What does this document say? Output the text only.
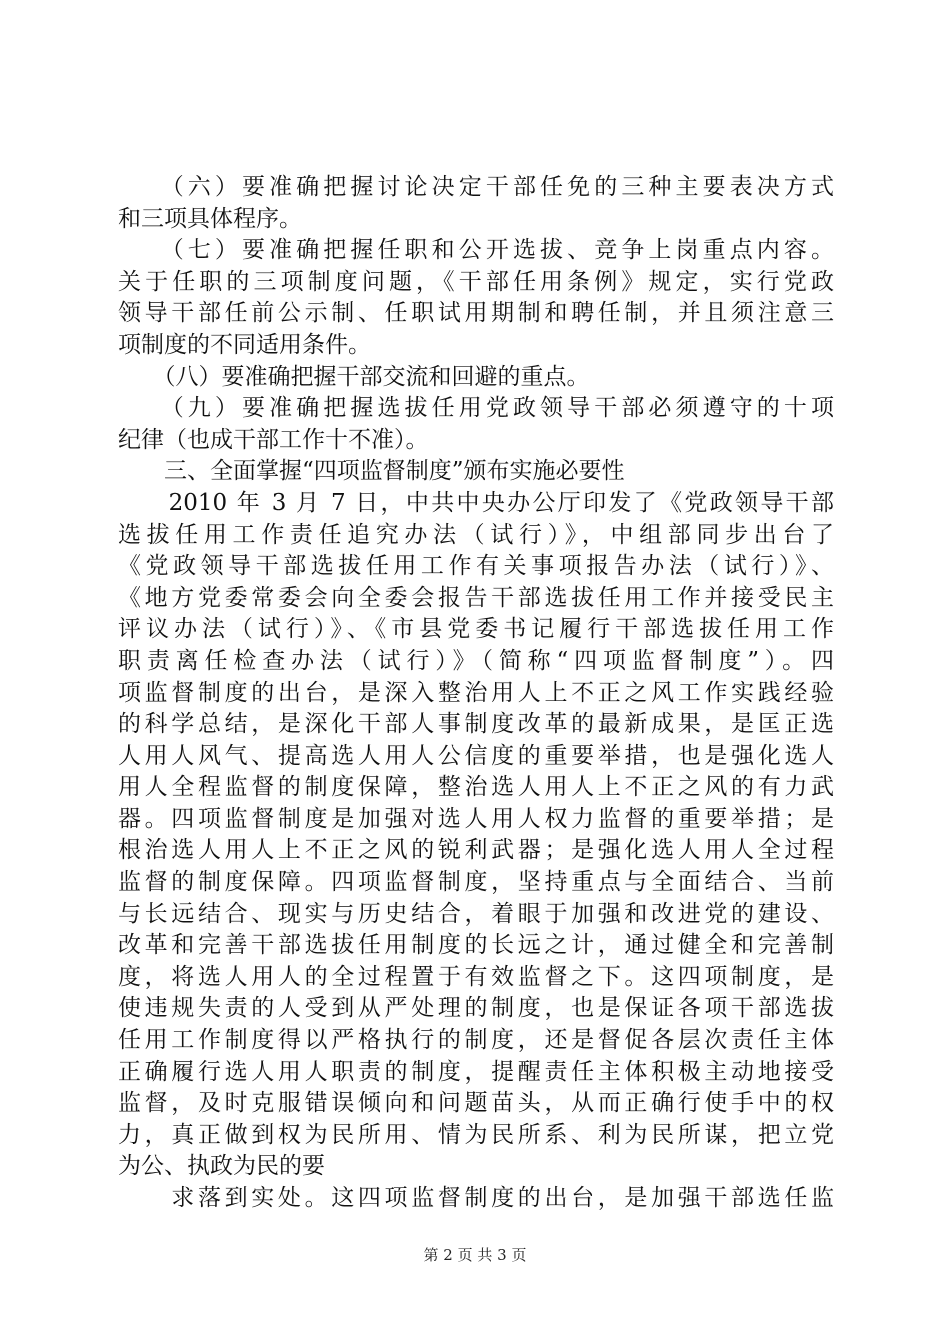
　　（六）要准确把握讨论决定干部任免的三种主要表决方式
和三项具体程序。
　　（七）要准确把握任职和公开选拔、竞争上岗重点内容。
关于任职的三项制度问题，《干部任用条例》规定，实行党政
领导干部任前公示制、任职试用期制和聘任制，并且须注意三
项制度的不同适用条件。
　　（八）要准确把握干部交流和回避的重点。
　　（九）要准确把握选拔任用党政领导干部必须遵守的十项
纪律（也成干部工作十不准）。
　　三、全面掌握“四项监督制度”颁布实施必要性
　　2010 年 3 月 7 日，中共中央办公厅印发了《党政领导干部
选拔任用工作责任追究办法（试行）》，中组部同步出台了
《党政领导干部选拔任用工作有关事项报告办法（试行）》、
《地方党委常委会向全委会报告干部选拔任用工作并接受民主
评议办法（试行）》、《市县党委书记履行干部选拔任用工作
职责离任检查办法（试行）》（简称“四项监督制度”）。四
项监督制度的出台，是深入整治用人上不正之风工作实践经验
的科学总结，是深化干部人事制度改革的最新成果，是匡正选
人用人风气、提高选人用人公信度的重要举措，也是强化选人
用人全程监督的制度保障，整治选人用人上不正之风的有力武
器。四项监督制度是加强对选人用人权力监督的重要举措；是
根治选人用人上不正之风的锐利武器；是强化选人用人全过程
监督的制度保障。四项监督制度，坚持重点与全面结合、当前
与长远结合、现实与历史结合，着眼于加强和改进党的建设、
改革和完善干部选拔任用制度的长远之计，通过健全和完善制
度，将选人用人的全过程置于有效监督之下。这四项制度，是
使违规失责的人受到从严处理的制度，也是保证各项干部选拔
任用工作制度得以严格执行的制度，还是督促各层次责任主体
正确履行选人用人职责的制度，提醒责任主体积极主动地接受
监督，及时克服错误倾向和问题苗头，从而正确行使手中的权
力，真正做到权为民所用、情为民所系、利为民所谋，把立党
为公、执政为民的要
　　求落到实处。这四项监督制度的出台，是加强干部选任监
第 2 页 共 3 页
